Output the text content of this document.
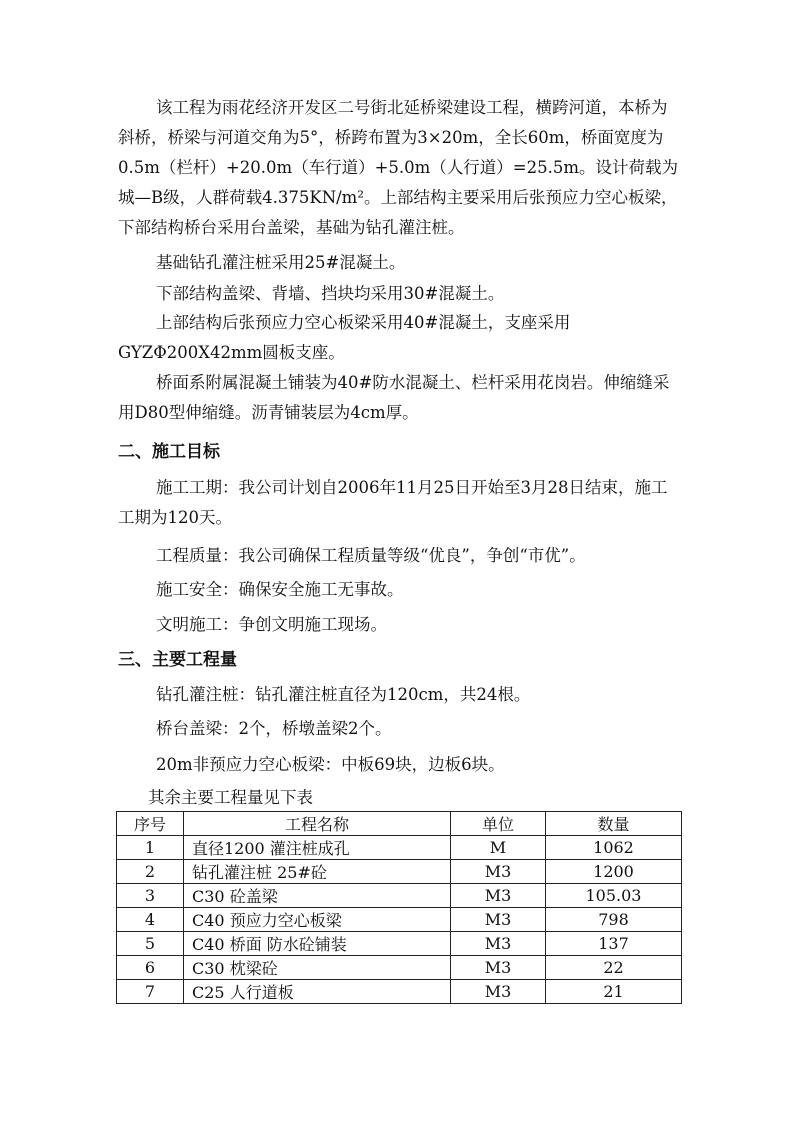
该工程为雨花经济开发区二号街北延桥梁建设工程，横跨河道，本桥为斜桥，桥梁与河道交角为5°，桥跨布置为3×20m，全长60m，桥面宽度为0.5m（栏杆）+20.0m（车行道）+5.0m（人行道）=25.5m。设计荷载为城—B级，人群荷载4.375KN/m²。上部结构主要采用后张预应力空心板梁，下部结构桥台采用台盖梁，基础为钻孔灌注桩。

基础钻孔灌注桩采用25#混凝土。

下部结构盖梁、背墙、挡块均采用30#混凝土。

上部结构后张预应力空心板梁采用40#混凝土，支座采用GYZΦ200X42mm圆板支座。

桥面系附属混凝土铺装为40#防水混凝土、栏杆采用花岗岩。伸缩缝采用D80型伸缩缝。沥青铺装层为4cm厚。

二、施工目标

施工工期：我公司计划自2006年11月25日开始至3月28日结束，施工工期为120天。

工程质量：我公司确保工程质量等级“优良”，争创“市优”。

施工安全：确保安全施工无事故。

文明施工：争创文明施工现场。

三、主要工程量

钻孔灌注桩：钻孔灌注桩直径为120cm，共24根。

桥台盖梁：2个，桥墩盖梁2个。

20m非预应力空心板梁：中板69块，边板6块。

其余主要工程量见下表

序号	工程名称	单位	数量
1	直径1200 灌注桩成孔	M	1062
2	钻孔灌注桩 25#砼	M3	1200
3	C30 砼盖梁	M3	105.03
4	C40 预应力空心板梁	M3	798
5	C40 桥面 防水砼铺装	M3	137
6	C30 枕梁砼	M3	22
7	C25 人行道板	M3	21
